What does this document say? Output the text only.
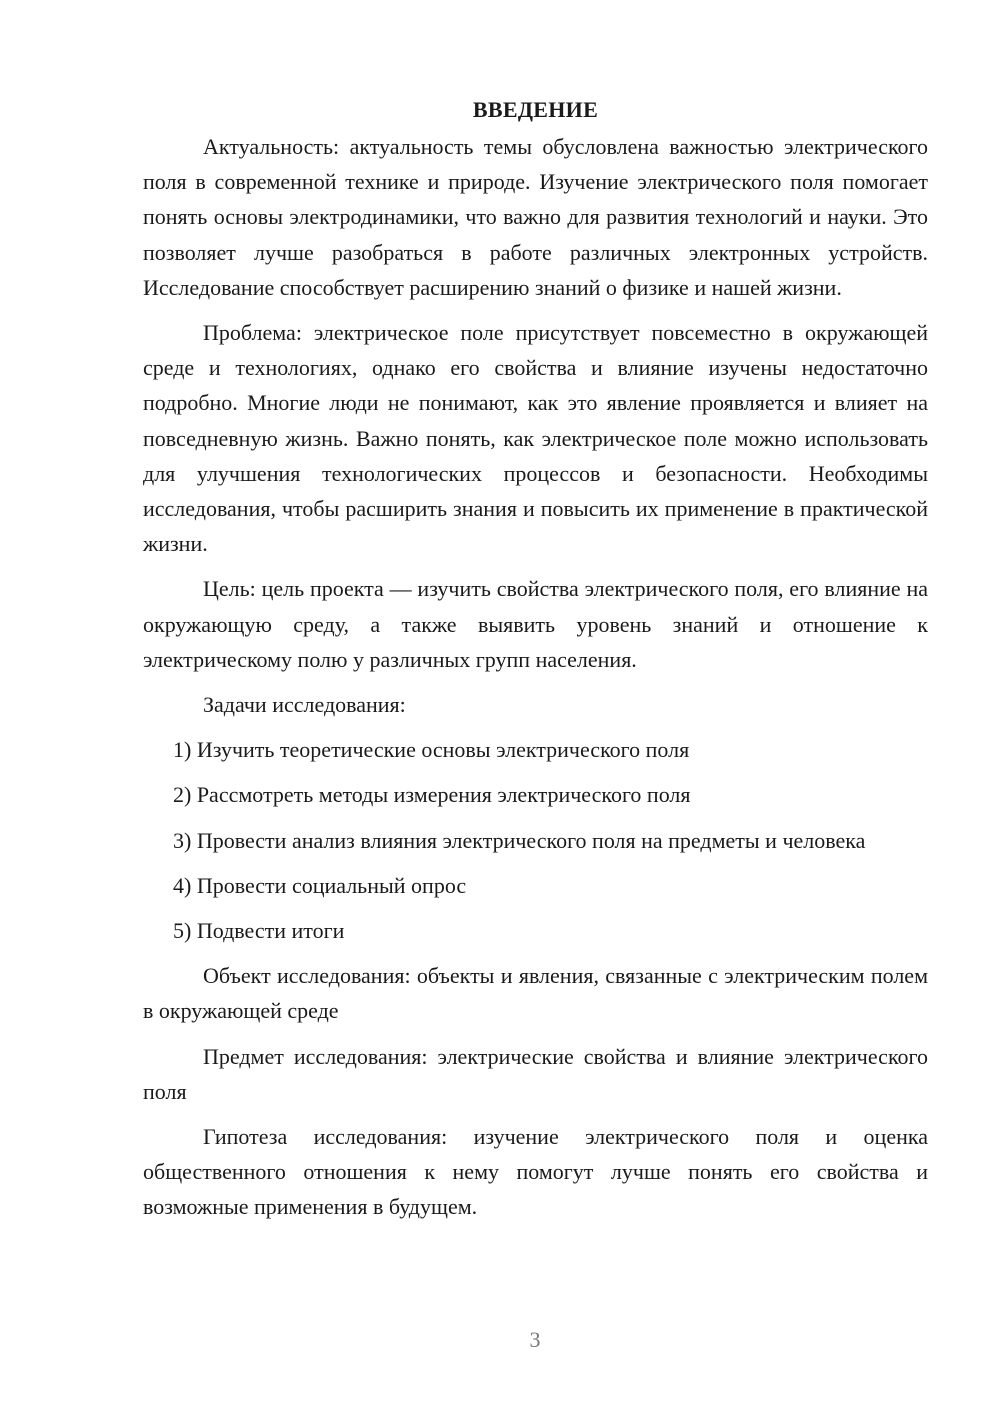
ВВЕДЕНИЕ

Актуальность: актуальность темы обусловлена важностью электрического поля в современной технике и природе. Изучение электрического поля помогает понять основы электродинамики, что важно для развития технологий и науки. Это позволяет лучше разобраться в работе различных электронных устройств. Исследование способствует расширению знаний о физике и нашей жизни.

Проблема: электрическое поле присутствует повсеместно в окружающей среде и технологиях, однако его свойства и влияние изучены недостаточно подробно. Многие люди не понимают, как это явление проявляется и влияет на повседневную жизнь. Важно понять, как электрическое поле можно использовать для улучшения технологических процессов и безопасности. Необходимы исследования, чтобы расширить знания и повысить их применение в практической жизни.

Цель: цель проекта — изучить свойства электрического поля, его влияние на окружающую среду, а также выявить уровень знаний и отношение к электрическому полю у различных групп населения.

Задачи исследования:

1) Изучить теоретические основы электрического поля

2) Рассмотреть методы измерения электрического поля

3) Провести анализ влияния электрического поля на предметы и человека

4) Провести социальный опрос

5) Подвести итоги

Объект исследования: объекты и явления, связанные с электрическим полем в окружающей среде

Предмет исследования: электрические свойства и влияние электрического поля

Гипотеза исследования: изучение электрического поля и оценка общественного отношения к нему помогут лучше понять его свойства и возможные применения в будущем.

3
